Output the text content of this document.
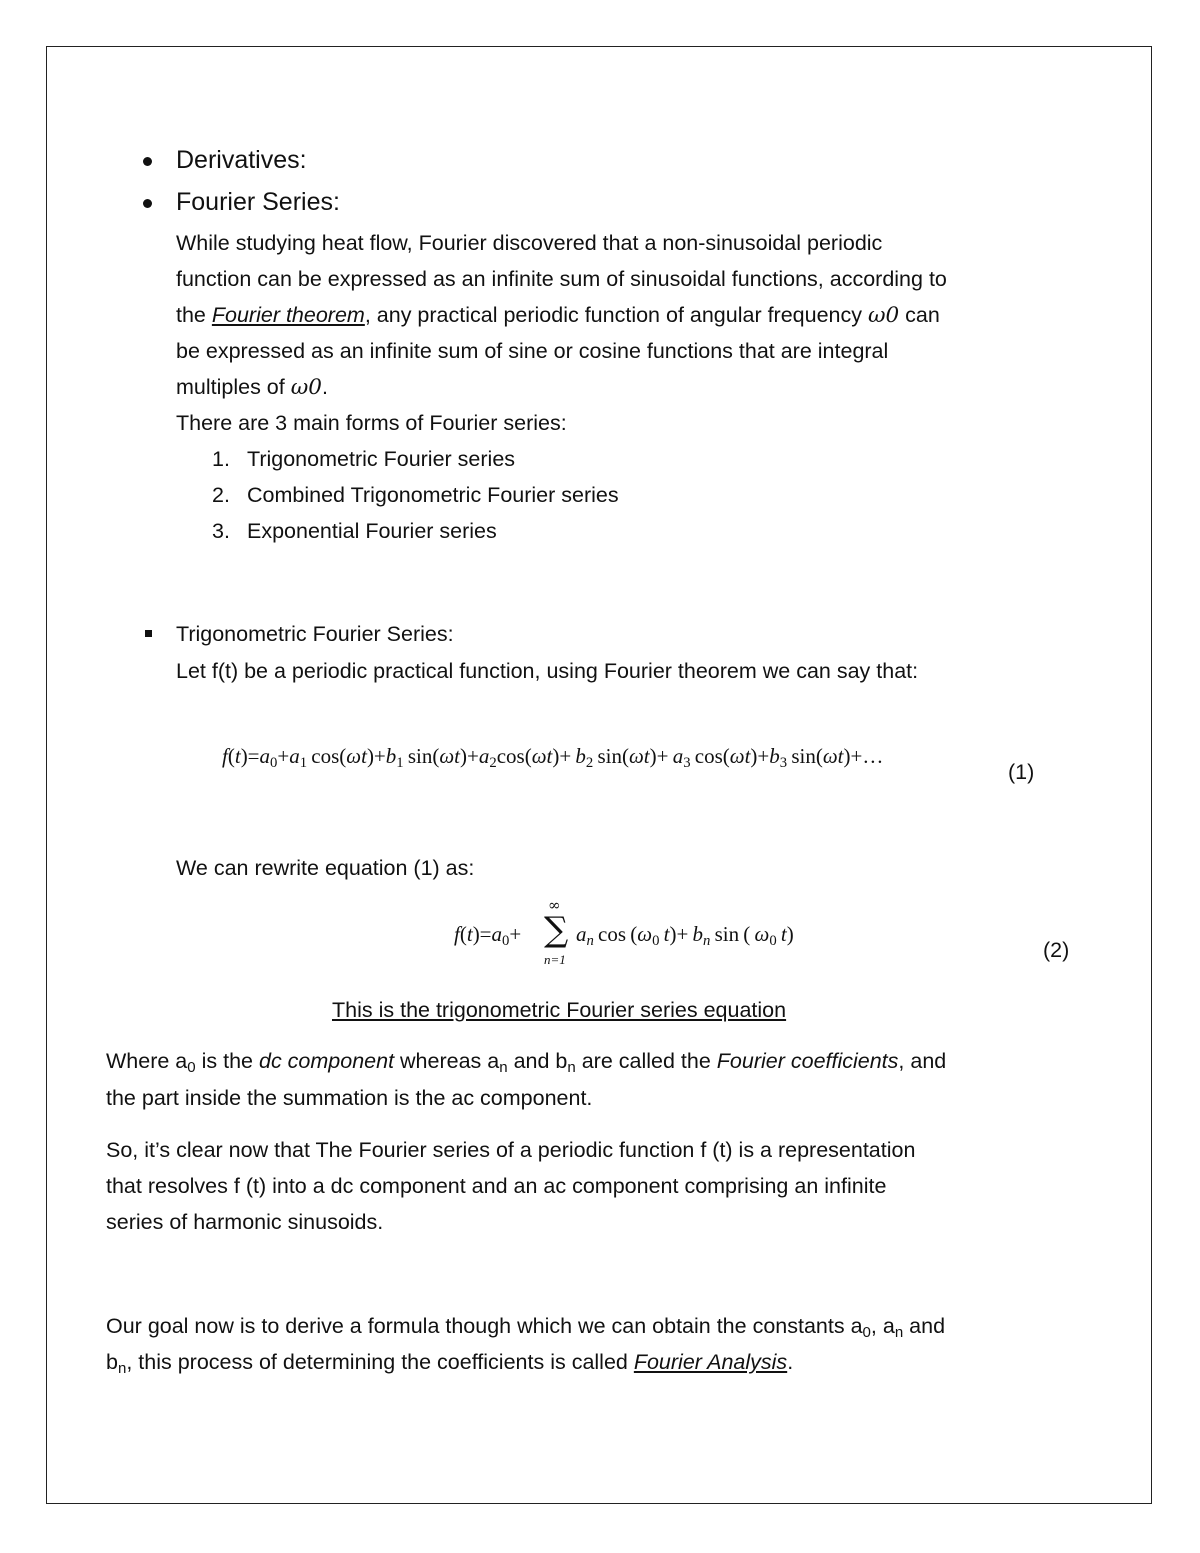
Derivatives:
Fourier Series:
While studying heat flow, Fourier discovered that a non-sinusoidal periodic
function can be expressed as an infinite sum of sinusoidal functions, according to
the Fourier theorem, any practical periodic function of angular frequency ω0 can
be expressed as an infinite sum of sine or cosine functions that are integral
multiples of ω0.
There are 3 main forms of Fourier series:
1. Trigonometric Fourier series
2. Combined Trigonometric Fourier series
3. Exponential Fourier series
Trigonometric Fourier Series:
Let f(t) be a periodic practical function, using Fourier theorem we can say that:
$f(t)=a_0+a_1$ $\cos(\omega t)+b_1$ $\sin(\omega t)+a_2\cos(\omega t)+ b_2$ $\sin(\omega t)+ a_3$ $\cos(\omega t)+b_3$ sin(ωt)+…
(1)
We can rewrite equation (1) as:
$f(t)=a_0+$
∞
∑
n=1
$a_n$ $\cos (\omega_0$  $t)+ b_n$ sin ( $\omega_0$  t)
(2)
This is the trigonometric Fourier series equation
Where $a_0$ is the dc component whereas $a_n$ and $b_n$ are called the Fourier coefficients, and
the part inside the summation is the ac component.
So, it’s clear now that The Fourier series of a periodic function f (t) is a representation
that resolves f (t) into a dc component and an ac component comprising an infinite
series of harmonic sinusoids.
Our goal now is to derive a formula though which we can obtain the constants $a_0$, $a_n$ and
$b_n$, this process of determining the coefficients is called Fourier Analysis.
